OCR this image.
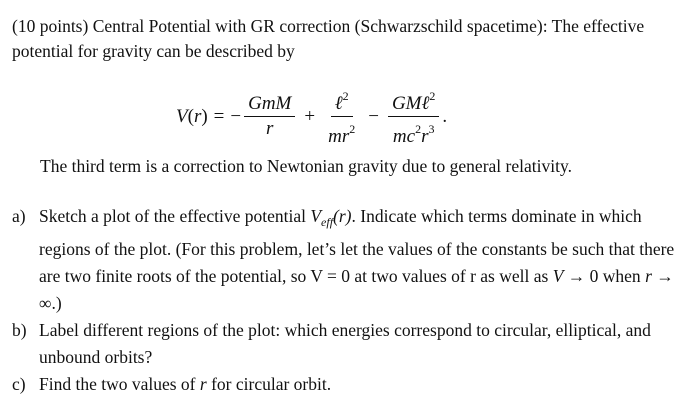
(10 points) Central Potential with GR correction (Schwarzschild spacetime): The effective potential for gravity can be described by
V(r) = − $\frac{\text{GmM}}{r} + \frac{\ell^2}{mr^2} - \frac{GM\ell^2}{mc^2r^3}$ .
The third term is a correction to Newtonian gravity due to general relativity.
a) Sketch a plot of the effective potential $V_{eff}(r)$. Indicate which terms dominate in which regions of the plot. (For this problem, let’s let the values of the constants be such that there are two finite roots of the potential, so V = 0 at two values of r as well as V → 0 when r → ∞.)
b) Label different regions of the plot: which energies correspond to circular, elliptical, and unbound orbits?
c) Find the two values of r for circular orbit.
